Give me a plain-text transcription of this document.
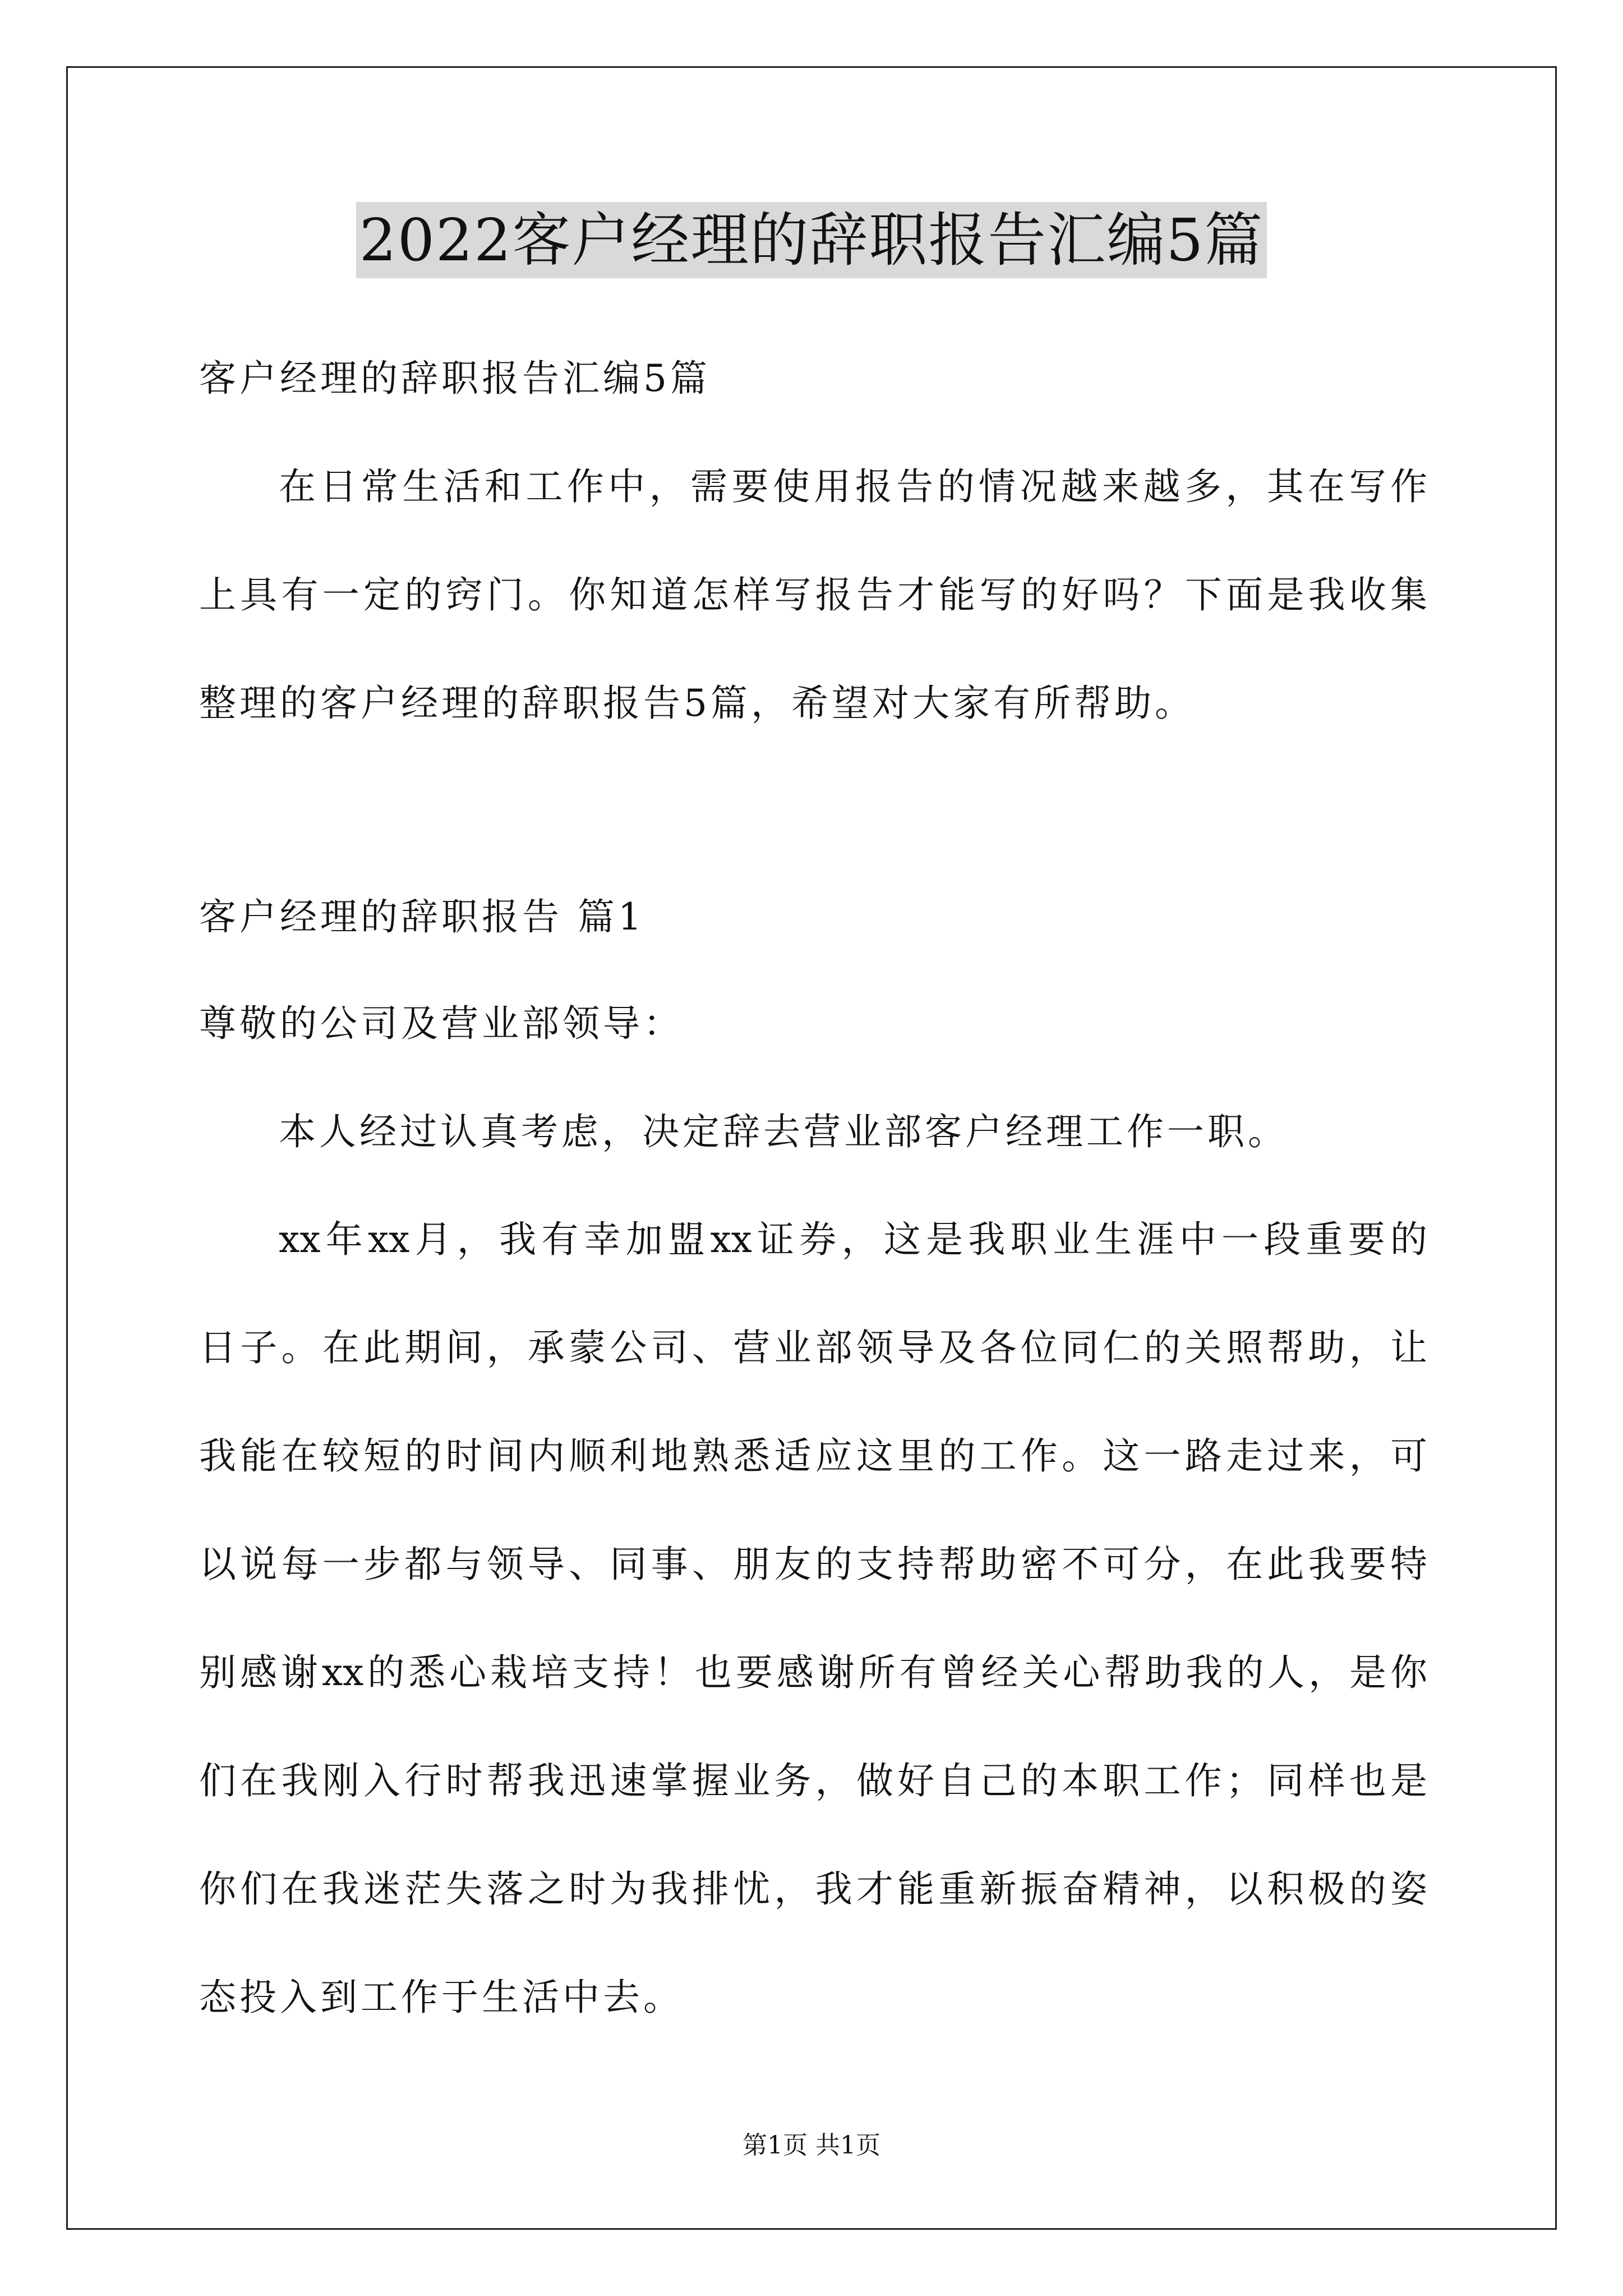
2022客户经理的辞职报告汇编5篇
客户经理的辞职报告汇编5篇
在日常生活和工作中，需要使用报告的情况越来越多，其在写作
上具有一定的窍门。你知道怎样写报告才能写的好吗？下面是我收集
整理的客户经理的辞职报告5篇，希望对大家有所帮助。
客户经理的辞职报告 篇1
尊敬的公司及营业部领导：
本人经过认真考虑，决定辞去营业部客户经理工作一职。
xx年xx月，我有幸加盟xx证券，这是我职业生涯中一段重要的
日子。在此期间，承蒙公司、营业部领导及各位同仁的关照帮助，让
我能在较短的时间内顺利地熟悉适应这里的工作。这一路走过来，可
以说每一步都与领导、同事、朋友的支持帮助密不可分，在此我要特
别感谢xx的悉心栽培支持！也要感谢所有曾经关心帮助我的人，是你
们在我刚入行时帮我迅速掌握业务，做好自己的本职工作；同样也是
你们在我迷茫失落之时为我排忧，我才能重新振奋精神，以积极的姿
态投入到工作于生活中去。
第1页 共1页
